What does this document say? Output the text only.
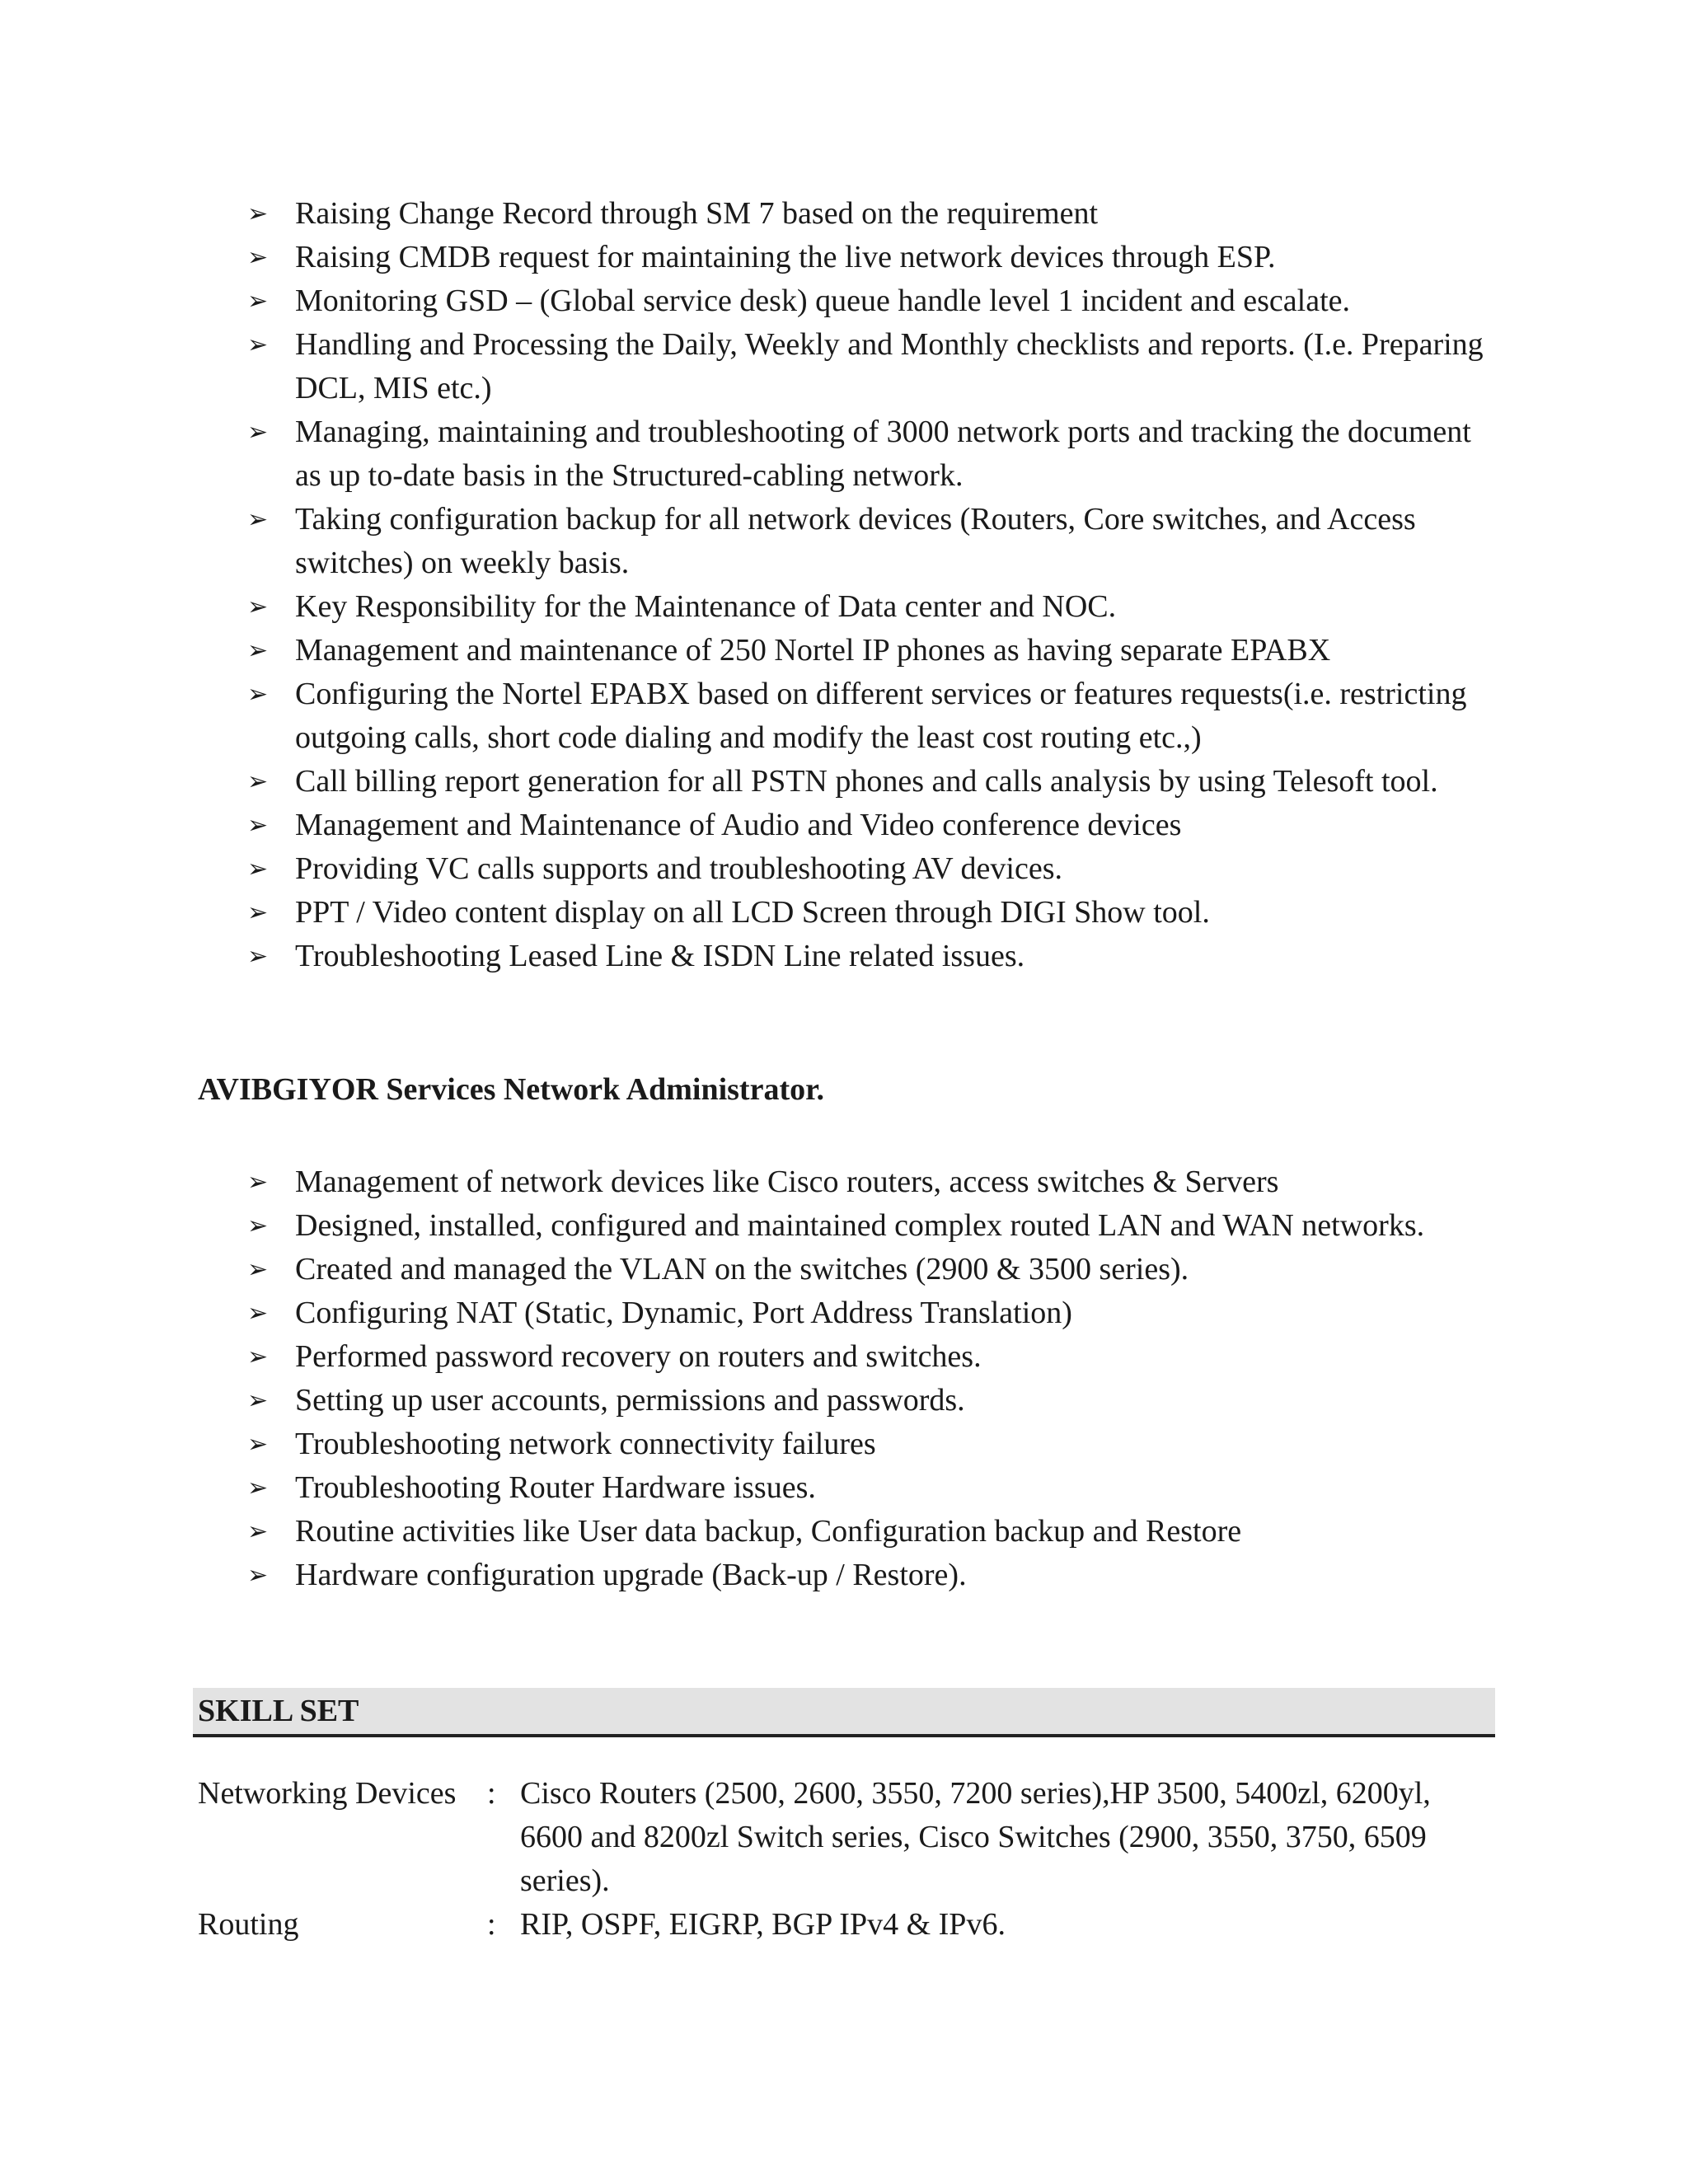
➢ Raising Change Record through SM 7 based on the requirement
➢ Raising CMDB request for maintaining the live network devices through ESP.
➢ Monitoring GSD – (Global service desk) queue handle level 1 incident and escalate.
➢ Handling and Processing the Daily, Weekly and Monthly checklists and reports. (I.e. Preparing DCL, MIS etc.)
➢ Managing, maintaining and troubleshooting of 3000 network ports and tracking the document as up to-date basis in the Structured-cabling network.
➢ Taking configuration backup for all network devices (Routers, Core switches, and Access switches) on weekly basis.
➢ Key Responsibility for the Maintenance of Data center and NOC.
➢ Management and maintenance of 250 Nortel IP phones as having separate EPABX
➢ Configuring the Nortel EPABX based on different services or features requests(i.e. restricting outgoing calls, short code dialing and modify the least cost routing etc.,)
➢ Call billing report generation for all PSTN phones and calls analysis by using Telesoft tool.
➢ Management and Maintenance of Audio and Video conference devices
➢ Providing VC calls supports and troubleshooting AV devices.
➢ PPT / Video content display on all LCD Screen through DIGI Show tool.
➢ Troubleshooting Leased Line & ISDN Line related issues.
AVIBGIYOR Services Network Administrator.
➢ Management of network devices like Cisco routers, access switches & Servers
➢ Designed, installed, configured and maintained complex routed LAN and WAN networks.
➢ Created and managed the VLAN on the switches (2900 & 3500 series).
➢ Configuring NAT (Static, Dynamic, Port Address Translation)
➢ Performed password recovery on routers and switches.
➢ Setting up user accounts, permissions and passwords.
➢ Troubleshooting network connectivity failures
➢ Troubleshooting Router Hardware issues.
➢ Routine activities like User data backup, Configuration backup and Restore
➢ Hardware configuration upgrade (Back-up / Restore).
SKILL SET
Networking Devices : Cisco Routers (2500, 2600, 3550, 7200 series),HP 3500, 5400zl, 6200yl, 6600 and 8200zl Switch series, Cisco Switches (2900, 3550, 3750, 6509 series).
Routing	: RIP, OSPF, EIGRP, BGP IPv4 & IPv6.
